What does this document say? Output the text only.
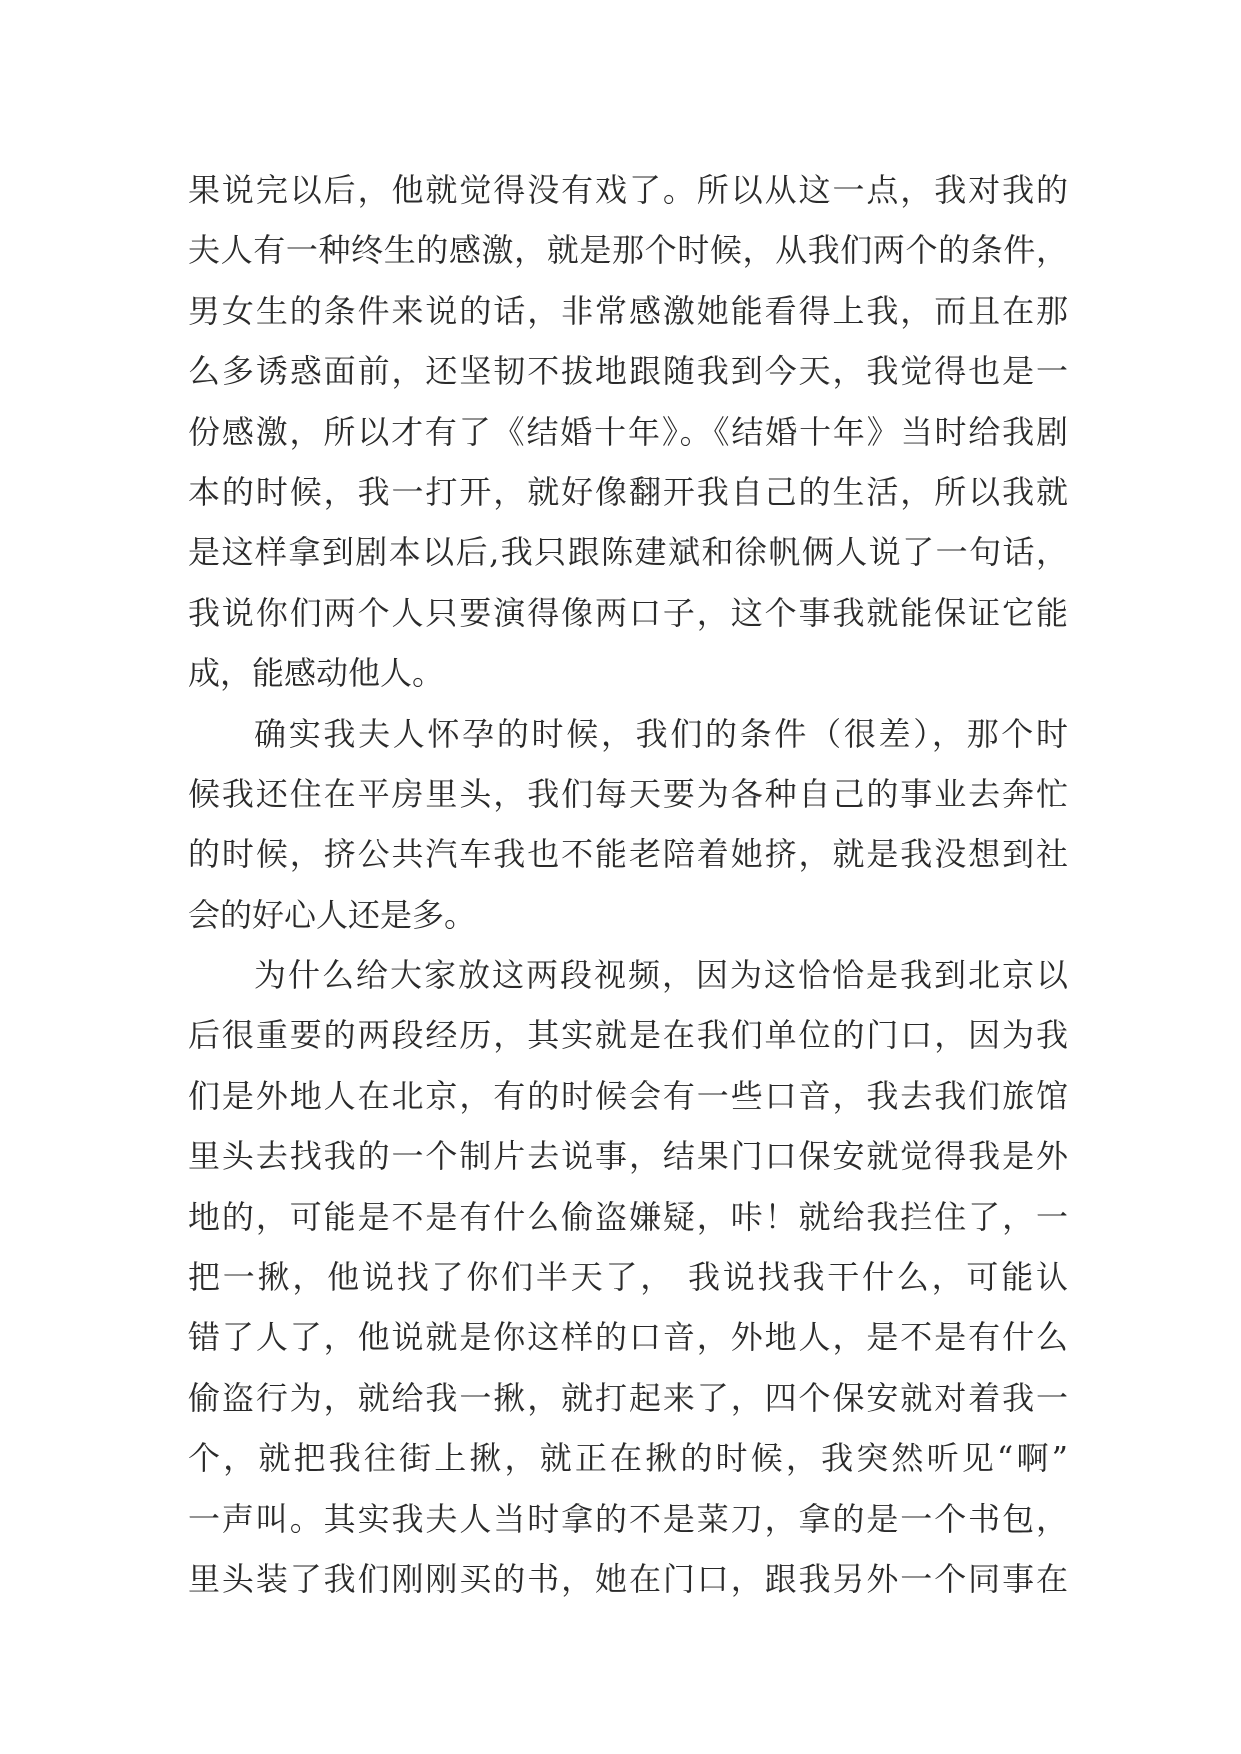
果说完以后，他就觉得没有戏了。所以从这一点，我对我的
夫人有一种终生的感激，就是那个时候，从我们两个的条件，
男女生的条件来说的话，非常感激她能看得上我，而且在那
么多诱惑面前，还坚韧不拔地跟随我到今天，我觉得也是一
份感激，所以才有了《结婚十年》。《结婚十年》当时给我剧
本的时候，我一打开，就好像翻开我自己的生活，所以我就
是这样拿到剧本以后,我只跟陈建斌和徐帆俩人说了一句话，
我说你们两个人只要演得像两口子，这个事我就能保证它能
成，能感动他人。
确实我夫人怀孕的时候，我们的条件（很差），那个时
候我还住在平房里头，我们每天要为各种自己的事业去奔忙
的时候，挤公共汽车我也不能老陪着她挤，就是我没想到社
会的好心人还是多。
为什么给大家放这两段视频，因为这恰恰是我到北京以
后很重要的两段经历，其实就是在我们单位的门口，因为我
们是外地人在北京，有的时候会有一些口音，我去我们旅馆
里头去找我的一个制片去说事，结果门口保安就觉得我是外
地的，可能是不是有什么偷盗嫌疑，咔！就给我拦住了，一
把一揪，他说找了你们半天了， 我说找我干什么，可能认
错了人了，他说就是你这样的口音，外地人，是不是有什么
偷盗行为，就给我一揪，就打起来了，四个保安就对着我一
个，就把我往街上揪，就正在揪的时候，我突然听见“啊”
一声叫。其实我夫人当时拿的不是菜刀，拿的是一个书包，
里头装了我们刚刚买的书，她在门口，跟我另外一个同事在
